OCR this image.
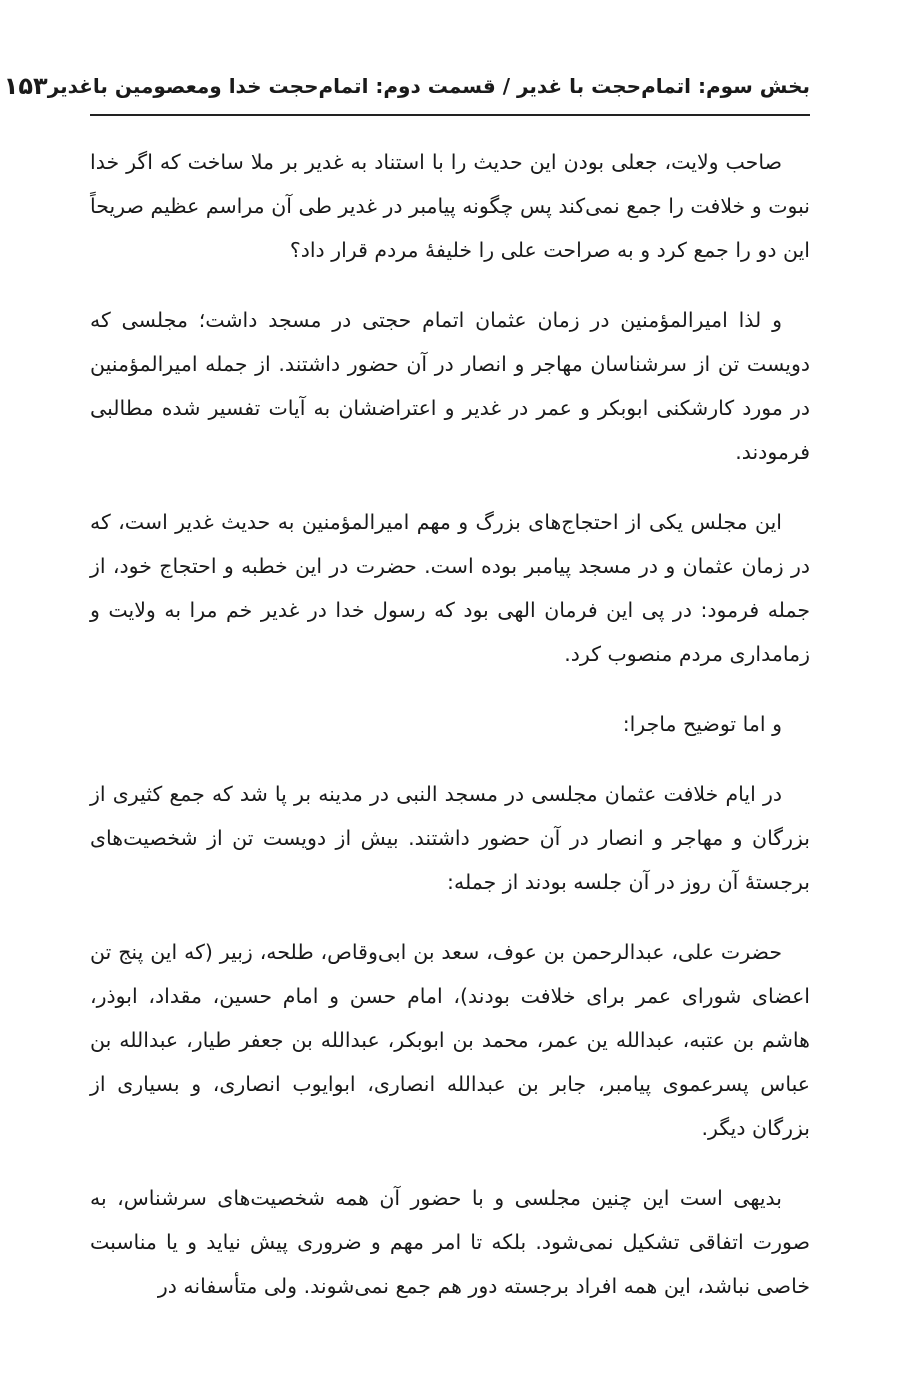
بخش سوم: اتمام‌حجت با غدیر / قسمت دوم: اتمام‌حجت خدا ومعصومین باغدیر
۱۵۳

صاحب ولایت، جعلی بودن این حدیث را با استناد به غدیر بر ملا ساخت که اگر خدا نبوت و خلافت را جمع نمی‌کند پس چگونه پیامبر در غدیر طی آن مراسم عظیم صریحاً این دو را جمع کرد و به صراحت علی را خلیفهٔ مردم قرار داد؟

و لذا امیرالمؤمنین در زمان عثمان اتمام حجتی در مسجد داشت؛ مجلسی که دویست تن از سرشناسان مهاجر و انصار در آن حضور داشتند. از جمله امیرالمؤمنین در مورد کارشکنی ابوبکر و عمر در غدیر و اعتراضشان به آیات تفسیر شده مطالبی فرمودند.

این مجلس یکی از احتجاج‌های بزرگ و مهم امیرالمؤمنین به حدیث غدیر است، که در زمان عثمان و در مسجد پیامبر بوده است. حضرت در این خطبه و احتجاج خود، از جمله فرمود: در پی این فرمان الهی بود که رسول خدا در غدیر خم مرا به ولایت و زمامداری مردم منصوب کرد.

و اما توضیح ماجرا:

در ایام خلافت عثمان مجلسی در مسجد النبی در مدینه بر پا شد که جمع کثیری از بزرگان و مهاجر و انصار در آن حضور داشتند. بیش از دویست تن از شخصیت‌های برجستهٔ آن روز در آن جلسه بودند از جمله:

حضرت علی، عبدالرحمن بن عوف، سعد بن ابی‌وقاص، طلحه، زبیر (که این پنج تن اعضای شورای عمر برای خلافت بودند)، امام حسن و امام حسین، مقداد، ابوذر، هاشم بن عتبه، عبدالله ین عمر، محمد بن ابوبکر، عبدالله بن جعفر طیار، عبدالله بن عباس پسرعموی پیامبر، جابر بن عبدالله انصاری، ابوایوب انصاری، و بسیاری از بزرگان دیگر.

بدیهی است این چنین مجلسی و با حضور آن همه شخصیت‌های سرشناس، به صورت اتفاقی تشکیل نمی‌شود. بلکه تا امر مهم و ضروری پیش نیاید و یا مناسبت خاصی نباشد، این همه افراد برجسته دور هم جمع نمی‌شوند. ولی متأسفانه در
